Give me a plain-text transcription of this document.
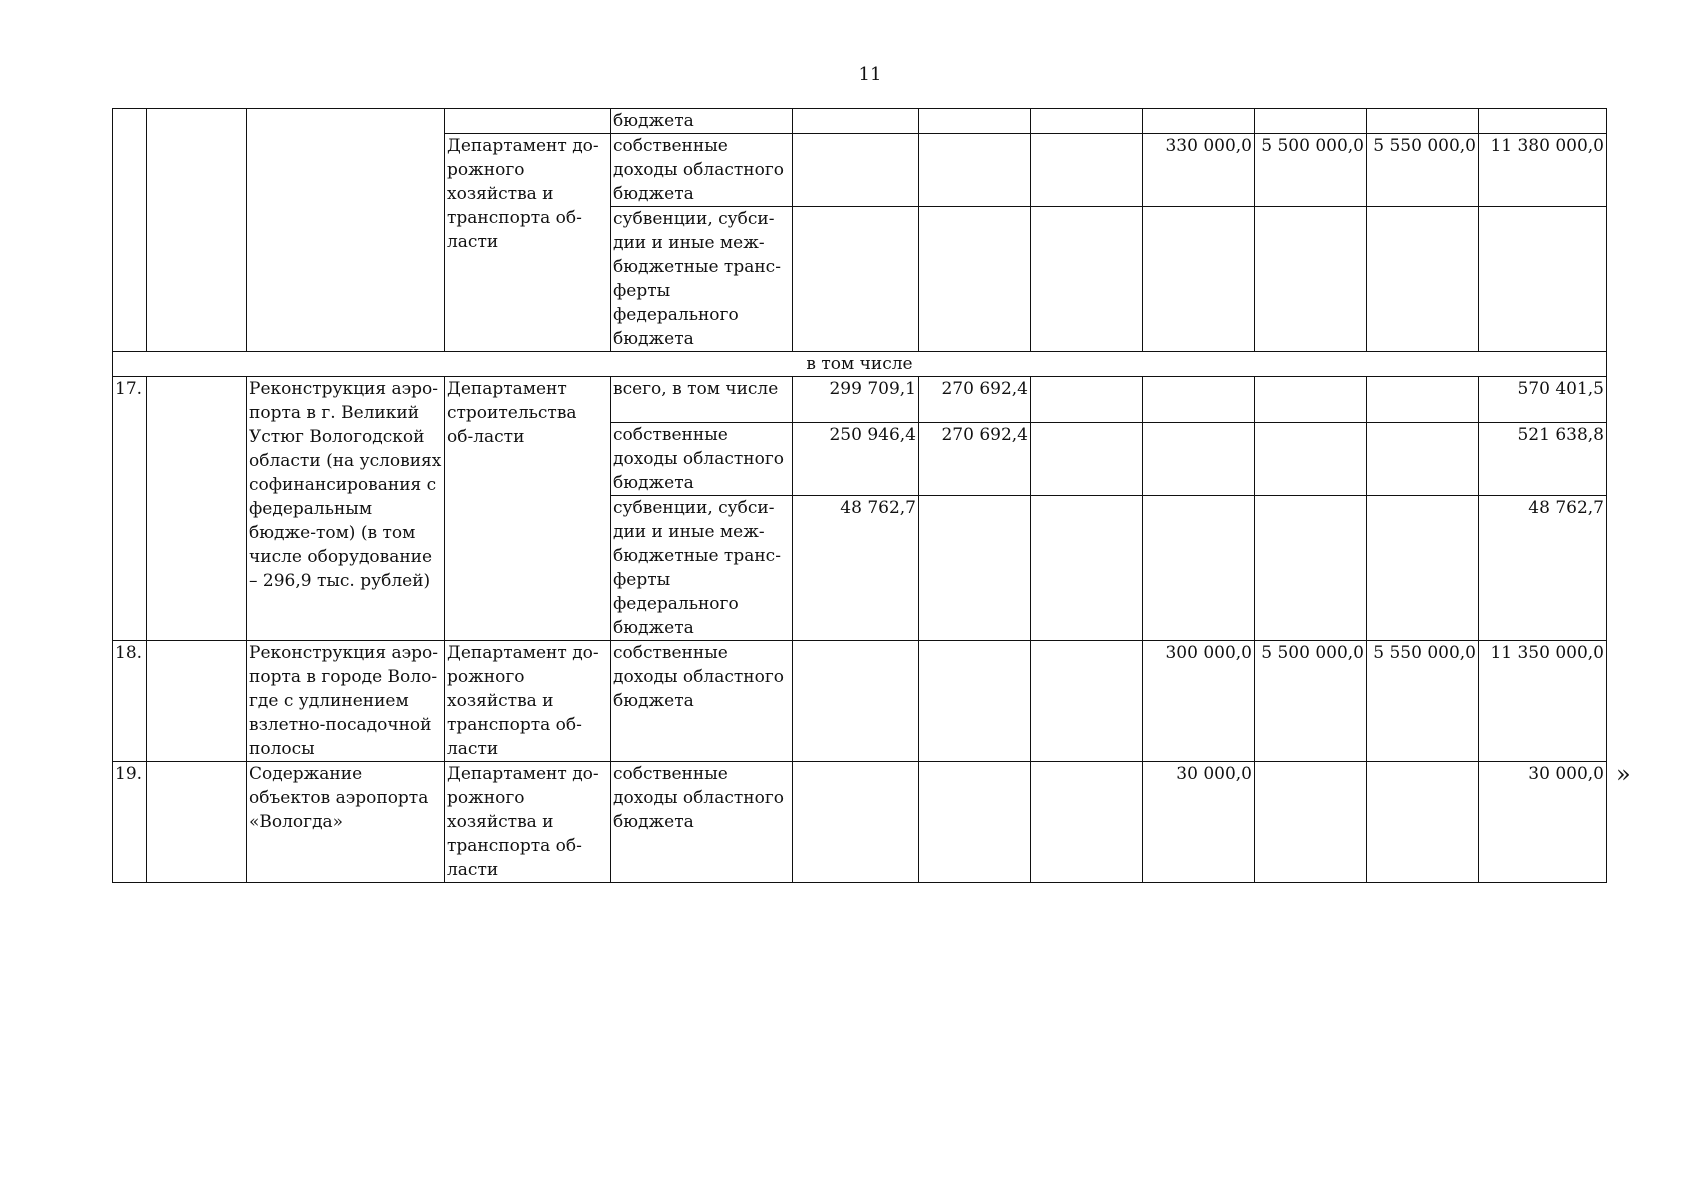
11
				бюджета							
			Департамент до-рожного хозяйства и транспорта об-ласти	собственные доходы областного бюджета				330 000,0	5 500 000,0	5 550 000,0	11 380 000,0
				субвенции, субси-дии и иные меж-бюджетные транс-ферты федерального бюджета							
в том числе											
17.		Реконструкция аэро-порта в г. Великий Устюг Вологодской области (на условиях софинансирования с федеральным бюдже-том) (в том числе оборудование – 296,9 тыс. рублей)	Департамент строительства об-ласти	всего, в том числе	299 709,1	270 692,4					570 401,5
				собственные доходы областного бюджета	250 946,4	270 692,4					521 638,8
				субвенции, субси-дии и иные меж-бюджетные транс-ферты федерального бюджета	48 762,7						48 762,7
18.		Реконструкция аэро-порта в городе Воло-где с удлинением взлетно-посадочной полосы	Департамент до-рожного хозяйства и транспорта об-ласти	собственные доходы областного бюджета				300 000,0	5 500 000,0	5 550 000,0	11 350 000,0
19.		Содержание объектов аэропорта «Вологда»	Департамент до-рожного хозяйства и транспорта об-ласти	собственные доходы областного бюджета				30 000,0			30 000,0 »
